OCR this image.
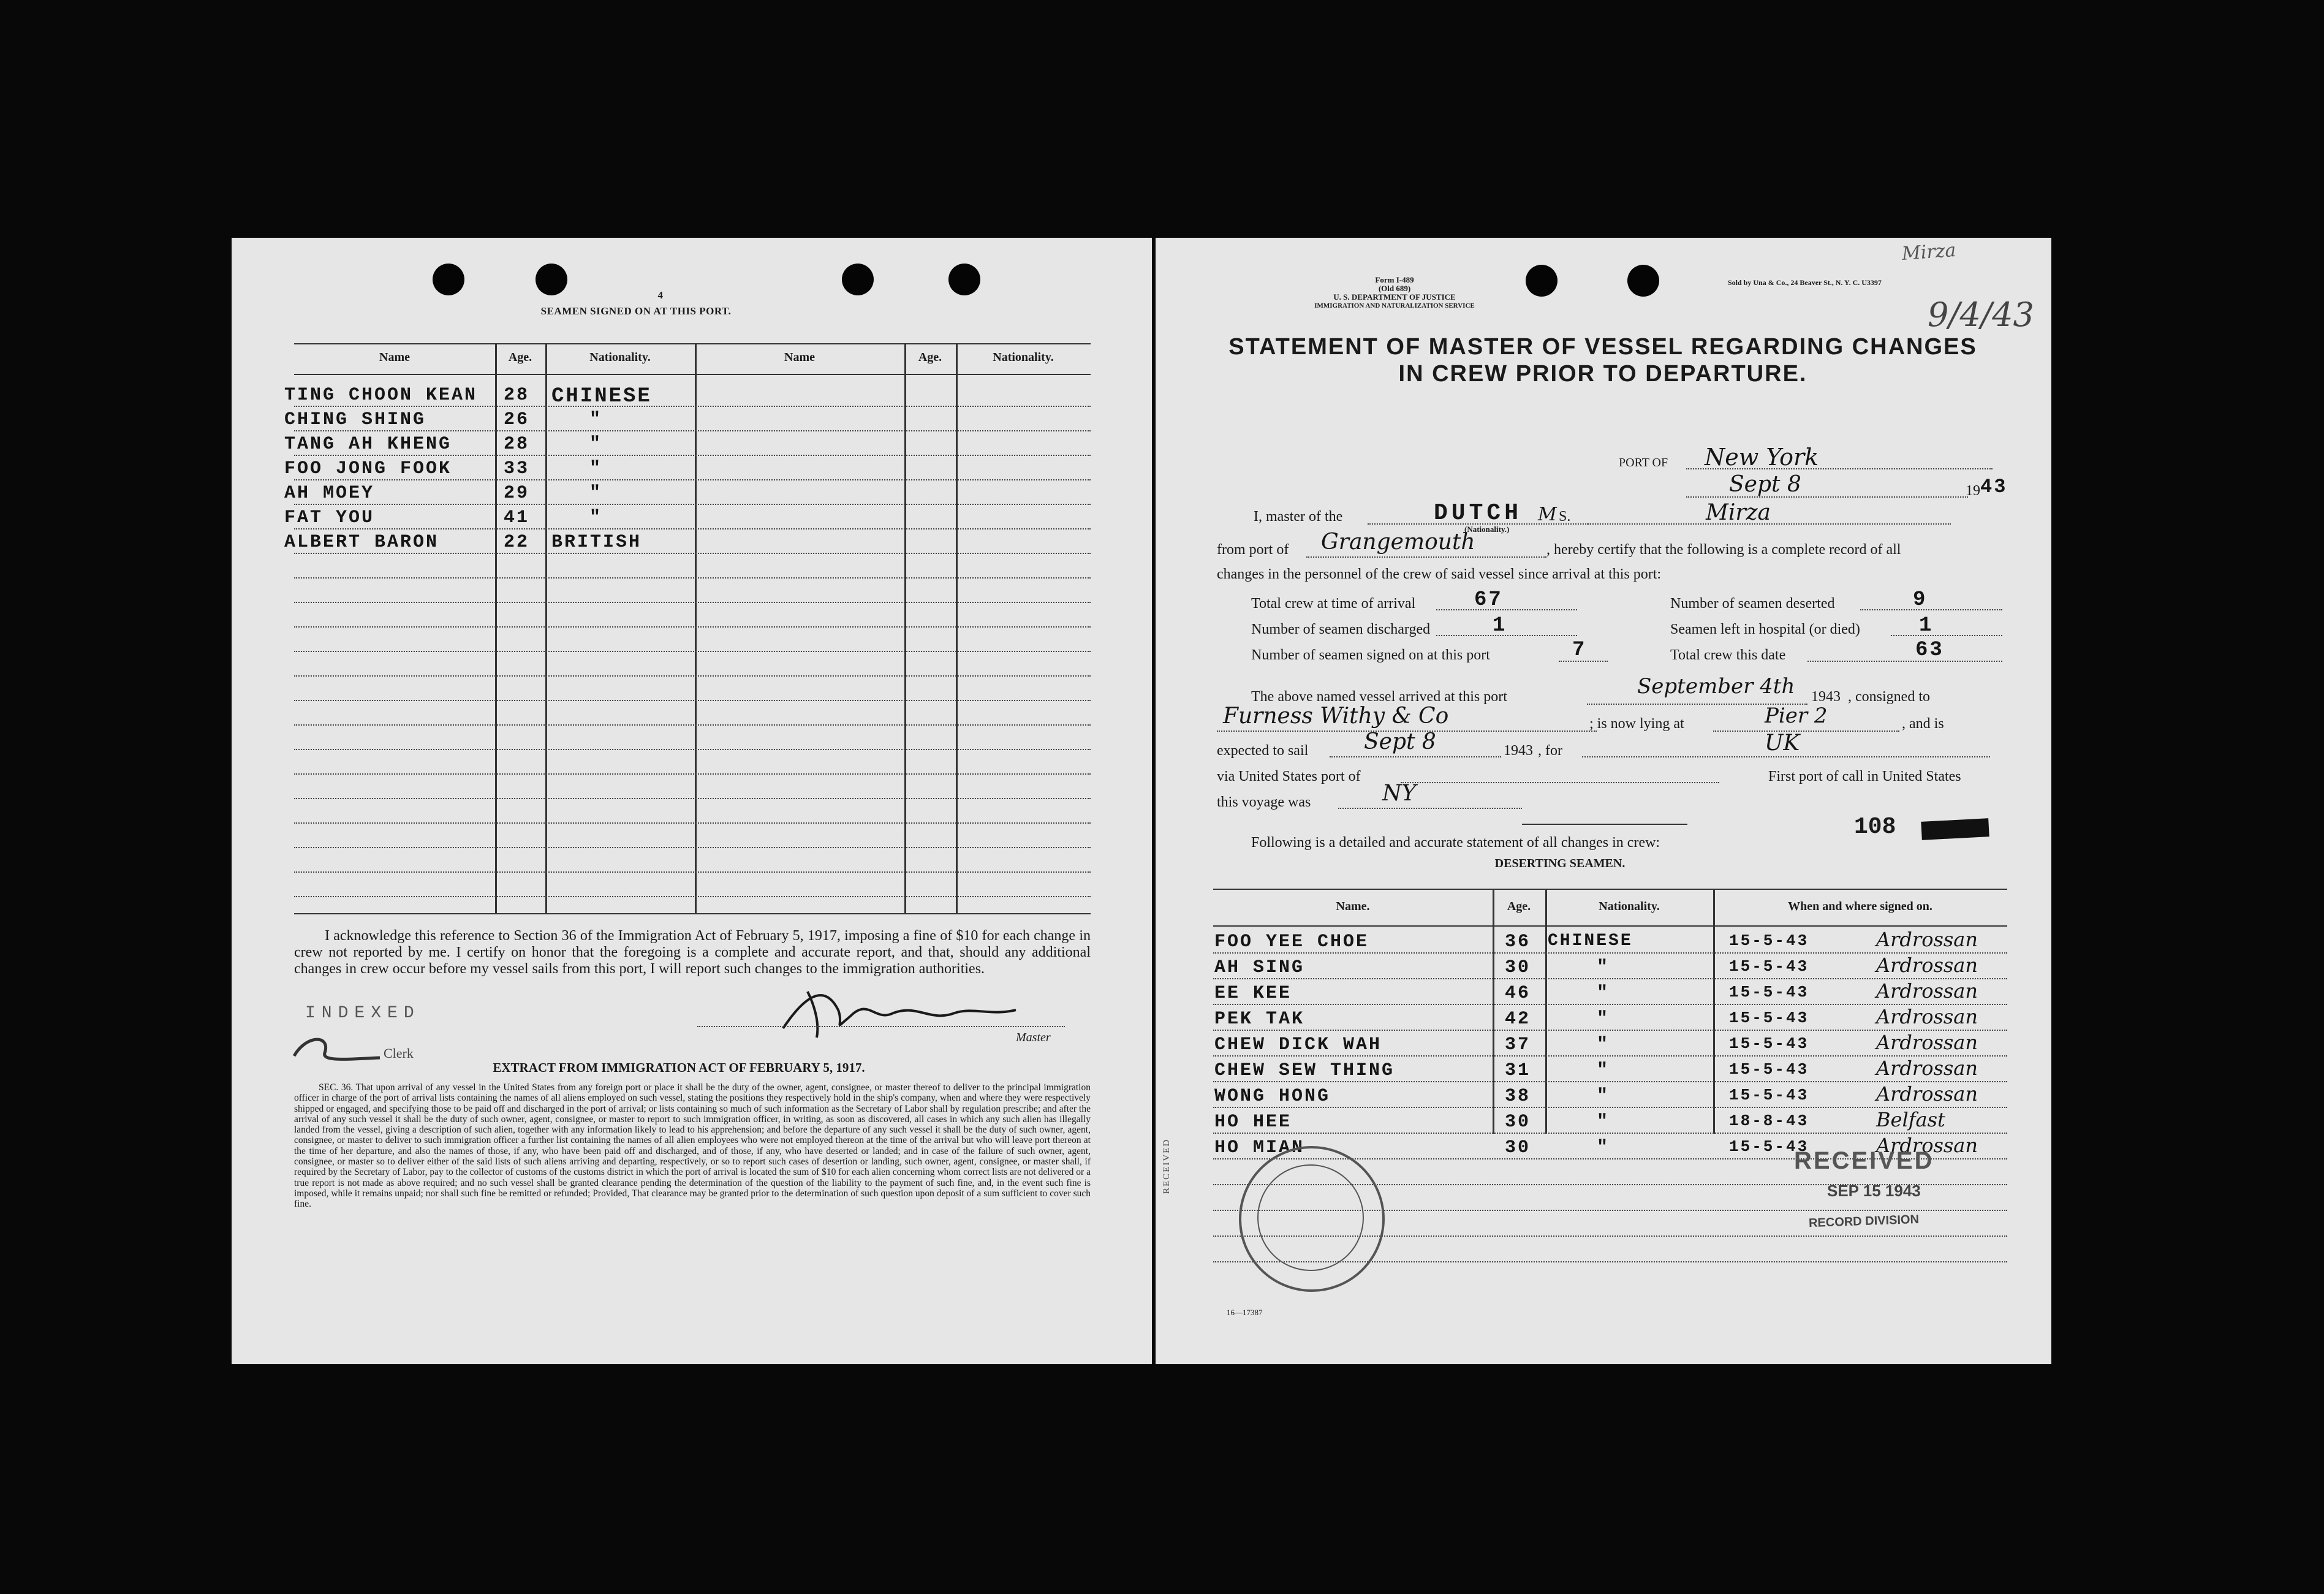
4
SEAMEN SIGNED ON AT THIS PORT.
Name	Age.	Nationality.	Name	Age.	Nationality.
TING CHOON KEAN 28 CHINESE
CHING SHING	26	"
TANG AH KHENG	28	"
FOO JONG FOOK	33	"
AH MOEY	29	"
FAT YOU	41	"
ALBERT BARON	22 BRITISH
I acknowledge this reference to Section 36 of the Immigration Act of February 5, 1917, imposing a fine of $10 for each change in crew not reported by me. I certify on honor that the foregoing is a complete and accurate report, and that, should any additional changes in crew occur before my vessel sails from this port, I will report such changes to the immigration authorities.
Master
INDEXED
Clerk
EXTRACT FROM IMMIGRATION ACT OF FEBRUARY 5, 1917.
SEC. 36. That upon arrival of any vessel in the United States from any foreign port or place it shall be the duty of the owner, agent, consignee, or master thereof to deliver to the principal immigration officer in charge of the port of arrival lists containing the names of all aliens employed on such vessel, stating the positions they respectively hold in the ship's company, when and where they were respectively shipped or engaged, and specifying those to be paid off and discharged in the port of arrival; or lists containing so much of such information as the Secretary of Labor shall by regulation prescribe; and after the arrival of any such vessel it shall be the duty of such owner, agent, consignee, or master to report to such immigration officer, in writing, as soon as discovered, all cases in which any such alien has illegally landed from the vessel, giving a description of such alien, together with any information likely to lead to his apprehension; and before the departure of any such vessel it shall be the duty of such owner, agent, consignee, or master to deliver to such immigration officer a further list containing the names of all alien employees who were not employed thereon at the time of the arrival but who will leave port thereon at the time of her departure, and also the names of those, if any, who have been paid off and discharged, and of those, if any, who have deserted or landed; and in case of the failure of such owner, agent, consignee, or master so to deliver either of the said lists of such aliens arriving and departing, respectively, or so to report such cases of desertion or landing, such owner, agent, consignee, or master shall, if required by the Secretary of Labor, pay to the collector of customs of the customs district in which the port of arrival is located the sum of $10 for each alien concerning whom correct lists are not delivered or a true report is not made as above required; and no such vessel shall be granted clearance pending the determination of the question of the liability to the payment of such fine, and, in the event such fine is imposed, while it remains unpaid; nor shall such fine be remitted or refunded; Provided, That clearance may be granted prior to the determination of such question upon deposit of a sum sufficient to cover such fine.
Form I-489
(Old 689)
U. S. DEPARTMENT OF JUSTICE
IMMIGRATION AND NATURALIZATION SERVICE
Sold by Una & Co., 24 Beaver St., N. Y. C. U3397
Mirza
9/4/43
STATEMENT OF MASTER OF VESSEL REGARDING CHANGES
IN CREW PRIOR TO DEPARTURE.
PORT OF New York
Sept 8	19 43
I, master of the	DUTCH
(Nationality.)
M S.	Mirza
from port of Grangemouth	, hereby certify that the following is a complete record of all
changes in the personnel of the crew of said vessel since arrival at this port:
Total crew at time of arrival	67	Number of seamen deserted	9
Number of seamen discharged	1	Seamen left in hospital (or died)	1
Number of seamen signed on at this port	7	Total crew this date	63
The above named vessel arrived at this port	September 4th 1943 , consigned to
Furness Withy & Co	; is now lying at	Pier 2	, and is
expected to sail	Sept 8	1943 , for	UK
via United States port of	First port of call in United States
this voyage was	NY
108
Following is a detailed and accurate statement of all changes in crew:
DESERTING SEAMEN.
Name.	Age.	Nationality.	When and where signed on.
FOO YEE CHOE	36 CHINESE	15-5-43	Ardrossan
AH SING	30	"	15-5-43	Ardrossan
EE KEE	46	"	15-5-43	Ardrossan
PEK TAK	42	"	15-5-43	Ardrossan
CHEW DICK WAH	37	"	15-5-43	Ardrossan
CHEW SEW THING	31	"	15-5-43	Ardrossan
WONG HONG	38	"	15-5-43	Ardrossan
HO HEE	30	"	18-8-43	Belfast
HO MIAN	30	"	15-5-43	Ardrossan
RECEIVED	RECEIVED
SEP 15 1943
RECORD DIVISION
16—17387
